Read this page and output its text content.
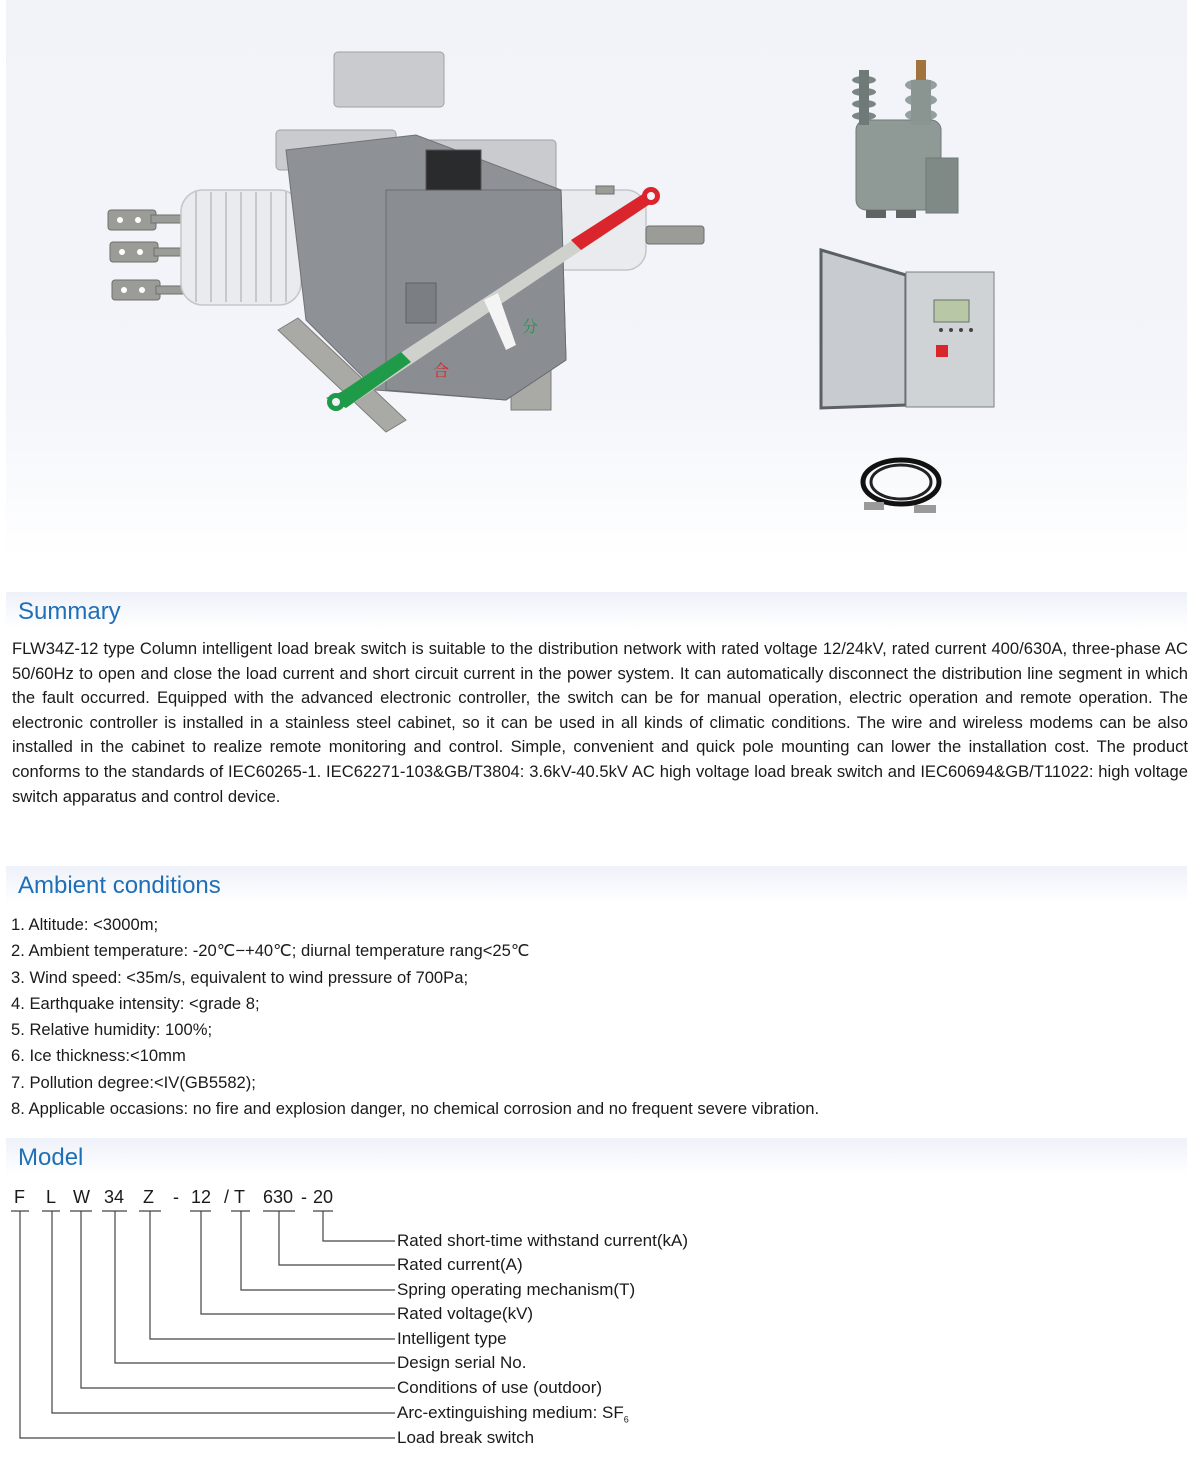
分
合
Summary
FLW34Z-12 type Column intelligent load break switch is suitable to the distribution network with rated voltage 12/24kV, rated current 400/630A, three-phase AC 50/60Hz to open and close the load current and short circuit current in the power system. It can automatically disconnect the distribution line segment in which the fault occurred. Equipped with the advanced electronic controller, the switch can be for manual operation, electric operation and remote operation. The electronic controller is installed in a stainless steel cabinet, so it can be used in all kinds of climatic conditions. The wire and wireless modems can be also installed in the cabinet to realize remote monitoring and control. Simple, convenient and quick pole mounting can lower the installation cost. The product conforms to the standards of IEC60265-1. IEC62271-103&GB/T3804: 3.6kV-40.5kV AC high voltage load break switch and IEC60694&GB/T11022: high voltage switch apparatus and control device.
Ambient conditions
1. Altitude: <3000m;
2. Ambient temperature: -20℃−+40℃; diurnal temperature rang<25℃
3. Wind speed: <35m/s, equivalent to wind pressure of 700Pa;
4. Earthquake intensity: <grade 8;
5. Relative humidity: 100%;
6. Ice thickness:<10mm
7. Pollution degree:<IV(GB5582);
8. Applicable occasions: no fire and explosion danger, no chemical corrosion and no frequent severe vibration.
Model
F L W 34 Z - 12 / T 630 - 20
Rated short-time withstand current(kA)
Rated current(A)
Spring operating mechanism(T)
Rated voltage(kV)
Intelligent type
Design serial No.
Conditions of use (outdoor)
Arc-extinguishing medium: $SF_6$
Load break switch
